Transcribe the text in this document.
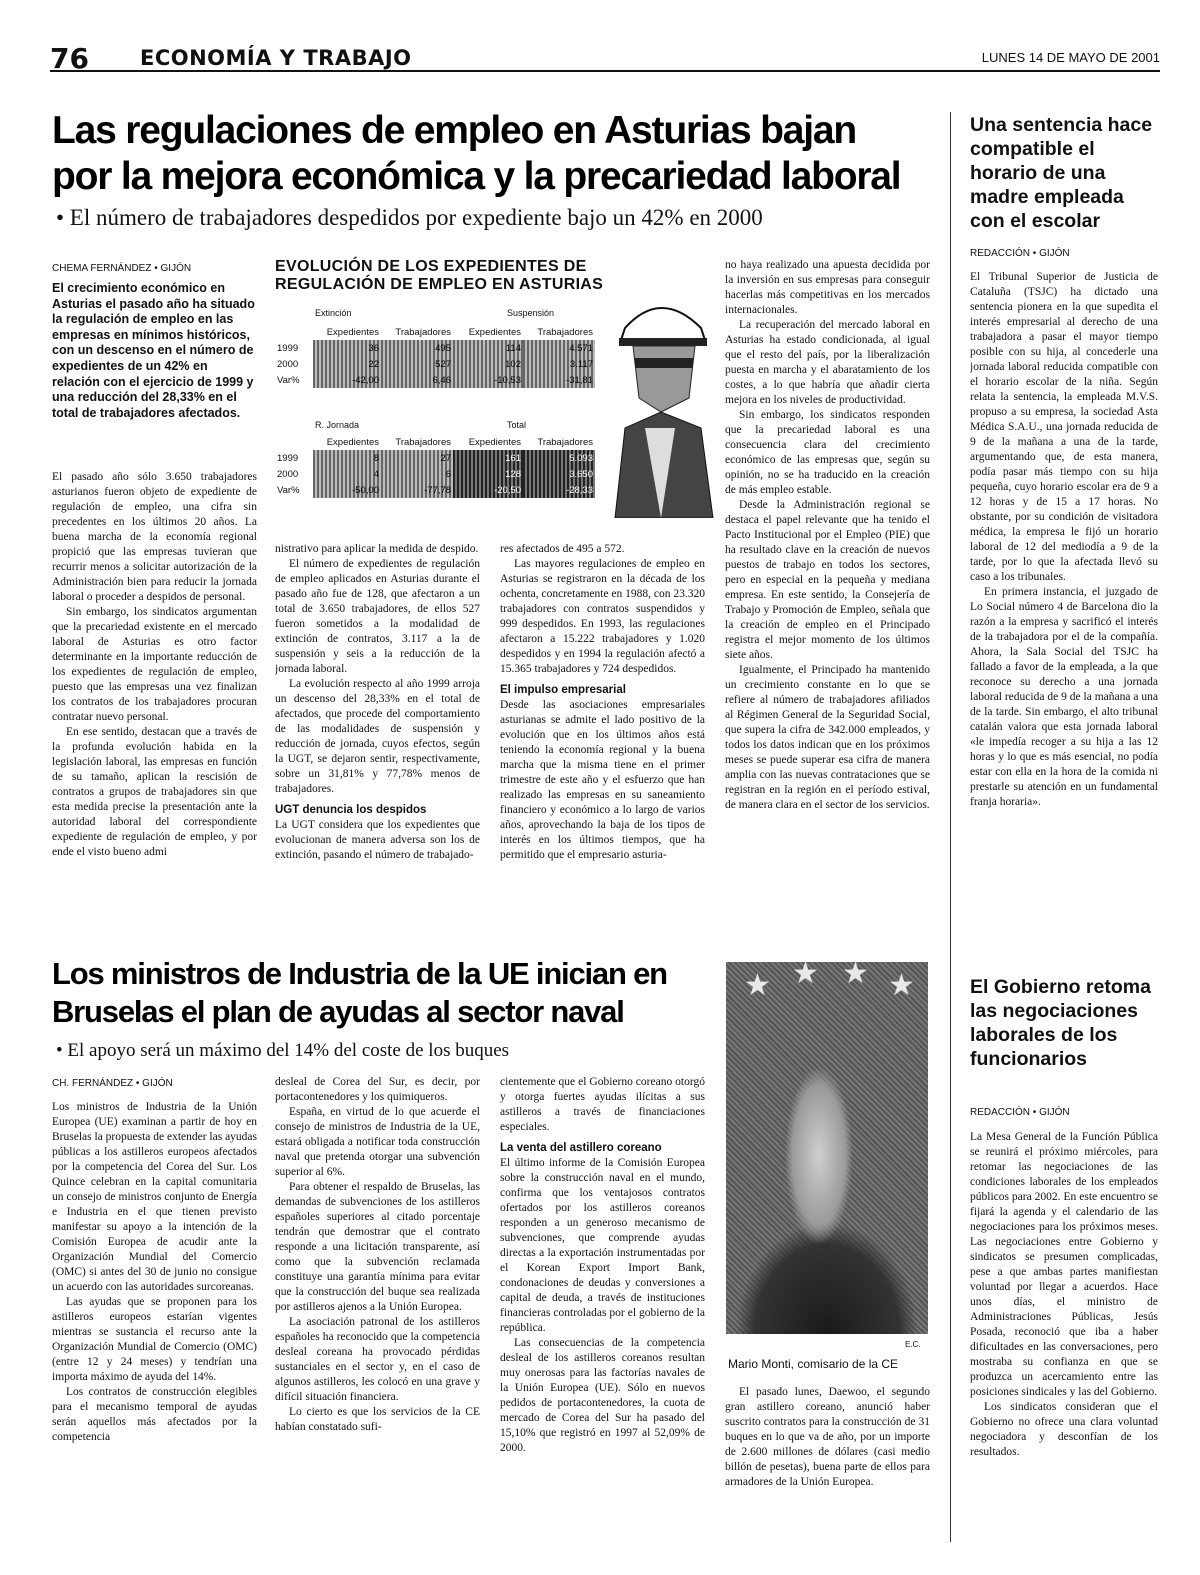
76 ECONOMÍA Y TRABAJO	LUNES 14 DE MAYO DE 2001
Las regulaciones de empleo en Asturias bajan
por la mejora económica y la precariedad laboral
• El número de trabajadores despedidos por expediente bajo un 42% en 2000
CHEMA FERNÁNDEZ • GIJÓN
El crecimiento económico en Asturias el pasado año ha situado la regulación de empleo en las empresas en mínimos históricos, con un descenso en el número de expedientes de un 42% en relación con el ejercicio de 1999 y una reducción del 28,33% en el total de trabajadores afectados.

El pasado año sólo 3.650 trabajadores asturianos fueron objeto de expediente de regulación de empleo, una cifra sin precedentes en los últimos 20 años. La buena marcha de la economía regional propició que las empresas tuvieran que recurrir menos a solicitar autorización de la Administración bien para reducir la jornada laboral o proceder a despidos de personal.

Sin embargo, los sindicatos argumentan que la precariedad existente en el mercado laboral de Asturias es otro factor determinante en la importante reducción de los expedientes de regulación de empleo, puesto que las empresas una vez finalizan los contratos de los trabajadores procuran contratar nuevo personal.

En ese sentido, destacan que a través de la profunda evolución habida en la legislación laboral, las empresas en función de su tamaño, aplican la rescisión de contratos a grupos de trabajadores sin que esta medida precise la presentación ante la autoridad laboral del correspondiente expediente de regulación de empleo, y por ende el visto bueno admi

EVOLUCIÓN DE LOS EXPEDIENTES DE
REGULACIÓN DE EMPLEO EN ASTURIAS
Extinción	Suspensión
	Expedientes	Trabajadores	Expedientes	Trabajadores
1999	36	495	114	4.571
2000	22	527	102	3.117
Var%	-42,00	6,46	-10,53	-31,81
R. Jornada	Total
	Expedientes	Trabajadores	Expedientes	Trabajadores
1999	8	27	161	5.093
2000	4	6	128	3.650
Var%	-50,00	-77,78	-20,50	-28,33

nistrativo para aplicar la medida de despido.

El número de expedientes de regulación de empleo aplicados en Asturias durante el pasado año fue de 128, que afectaron a un total de 3.650 trabajadores, de ellos 527 fueron sometidos a la modalidad de extinción de contratos, 3.117 a la de suspensión y seis a la reducción de la jornada laboral.

La evolución respecto al año 1999 arroja un descenso del 28,33% en el total de afectados, que procede del comportamiento de las modalidades de suspensión y reducción de jornada, cuyos efectos, según la UGT, se dejaron sentir, respectivamente, sobre un 31,81% y 77,78% menos de trabajadores.

UGT denuncia los despidos

La UGT considera que los expedientes que evolucionan de manera adversa son los de extinción, pasando el número de trabajado-

res afectados de 495 a 572.

Las mayores regulaciones de empleo en Asturias se registraron en la década de los ochenta, concretamente en 1988, con 23.320 trabajadores con contratos suspendidos y 999 despedidos. En 1993, las regulaciones afectaron a 15.222 trabajadores y 1.020 despedidos y en 1994 la regulación afectó a 15.365 trabajadores y 724 despedidos.

El impulso empresarial

Desde las asociaciones empresariales asturianas se admite el lado positivo de la evolución que en los últimos años está teniendo la economía regional y la buena marcha que la misma tiene en el primer trimestre de este año y el esfuerzo que han realizado las empresas en su saneamiento financiero y económico a lo largo de varios años, aprovechando la baja de los tipos de interés en los últimos tiempos, que ha permitido que el empresario asturia-

no haya realizado una apuesta decidida por la inversión en sus empresas para conseguir hacerlas más competitivas en los mercados internacionales.

La recuperación del mercado laboral en Asturias ha estado condicionada, al igual que el resto del país, por la liberalización puesta en marcha y el abaratamiento de los costes, a lo que habría que añadir cierta mejora en los niveles de productividad.

Sin embargo, los sindicatos responden que la precariedad laboral es una consecuencia clara del crecimiento económico de las empresas que, según su opinión, no se ha traducido en la creación de más empleo estable.

Desde la Administración regional se destaca el papel relevante que ha tenido el Pacto Institucional por el Empleo (PIE) que ha resultado clave en la creación de nuevos puestos de trabajo en todos los sectores, pero en especial en la pequeña y mediana empresa. En este sentido, la Consejería de Trabajo y Promoción de Empleo, señala que la creación de empleo en el Principado registra el mejor momento de los últimos siete años.

Igualmente, el Principado ha mantenido un crecimiento constante en lo que se refiere al número de trabajadores afiliados al Régimen General de la Seguridad Social, que supera la cifra de 342.000 empleados, y todos los datos indican que en los próximos meses se puede superar esa cifra de manera amplia con las nuevas contrataciones que se registran en la región en el período estival, de manera clara en el sector de los servicios.

Los ministros de Industria de la UE inician en
Bruselas el plan de ayudas al sector naval
• El apoyo será un máximo del 14% del coste de los buques
CH. FERNÁNDEZ • GIJÓN

Los ministros de Industria de la Unión Europea (UE) examinan a partir de hoy en Bruselas la propuesta de extender las ayudas públicas a los astilleros europeos afectados por la competencia del Corea del Sur. Los Quince celebran en la capital comunitaria un consejo de ministros conjunto de Energía e Industria en el que tienen previsto manifestar su apoyo a la intención de la Comisión Europea de acudir ante la Organización Mundial del Comercio (OMC) si antes del 30 de junio no consigue un acuerdo con las autoridades surcoreanas.

Las ayudas que se proponen para los astilleros europeos estarían vigentes mientras se sustancia el recurso ante la Organización Mundial de Comercio (OMC) (entre 12 y 24 meses) y tendrían una importa máximo de ayuda del 14%.

Los contratos de construcción elegibles para el mecanismo temporal de ayudas serán aquellos más afectados por la competencia

desleal de Corea del Sur, es decir, por portacontenedores y los quimiqueros.

España, en virtud de lo que acuerde el consejo de ministros de Industria de la UE, estará obligada a notificar toda construcción naval que pretenda otorgar una subvención superior al 6%.

Para obtener el respaldo de Bruselas, las demandas de subvenciones de los astilleros españoles superiores al citado porcentaje tendrán que demostrar que el contrato responde a una licitación transparente, así como que la subvención reclamada constituye una garantía mínima para evitar que la construcción del buque sea realizada por astilleros ajenos a la Unión Europea.

La asociación patronal de los astilleros españoles ha reconocido que la competencia desleal coreana ha provocado pérdidas sustanciales en el sector y, en el caso de algunos astilleros, les colocó en una grave y difícil situación financiera.

Lo cierto es que los servicios de la CE habían constatado sufi-

cientemente que el Gobierno coreano otorgó y otorga fuertes ayudas ilícitas a sus astilleros a través de financiaciones especiales.

La venta del astillero coreano

El último informe de la Comisión Europea sobre la construcción naval en el mundo, confirma que los ventajosos contratos ofertados por los astilleros coreanos responden a un generoso mecanismo de subvenciones, que comprende ayudas directas a la exportación instrumentadas por el Korean Export Import Bank, condonaciones de deudas y conversiones a capital de deuda, a través de instituciones financieras controladas por el gobierno de la república.

Las consecuencias de la competencia desleal de los astilleros coreanos resultan muy onerosas para las factorías navales de la Unión Europea (UE). Sólo en nuevos pedidos de portacontenedores, la cuota de mercado de Corea del Sur ha pasado del 15,10% que registró en 1997 al 52,09% de 2000.

★ ★ ★ ★
E.C.
Mario Monti, comisario de la CE

El pasado lunes, Daewoo, el segundo gran astillero coreano, anunció haber suscrito contratos para la construcción de 31 buques en lo que va de año, por un importe de 2.600 millones de dólares (casi medio billón de pesetas), buena parte de ellos para armadores de la Unión Europea.

Una sentencia hace compatible el horario de una madre empleada con el escolar
REDACCIÓN • GIJÓN

El Tribunal Superior de Justicia de Cataluña (TSJC) ha dictado una sentencia pionera en la que supedita el interés empresarial al derecho de una trabajadora a pasar el mayor tiempo posible con su hija, al concederle una jornada laboral reducida compatible con el horario escolar de la niña. Según relata la sentencia, la empleada M.V.S. propuso a su empresa, la sociedad Asta Médica S.A.U., una jornada reducida de 9 de la mañana a una de la tarde, argumentando que, de esta manera, podía pasar más tiempo con su hija pequeña, cuyo horario escolar era de 9 a 12 horas y de 15 a 17 horas. No obstante, por su condición de visitadora médica, la empresa le fijó un horario laboral de 12 del mediodía a 9 de la tarde, por lo que la afectada llevó su caso a los tribunales.

En primera instancia, el juzgado de Lo Social número 4 de Barcelona dio la razón a la empresa y sacrificó el interés de la trabajadora por el de la compañía. Ahora, la Sala Social del TSJC ha fallado a favor de la empleada, a la que reconoce su derecho a una jornada laboral reducida de 9 de la mañana a una de la tarde. Sin embargo, el alto tribunal catalán valora que esta jornada laboral «le impedía recoger a su hija a las 12 horas y lo que es más esencial, no podía estar con ella en la hora de la comida ni prestarle su atención en un fundamental franja horaria».

El Gobierno retoma las negociaciones laborales de los funcionarios
REDACCIÓN • GIJÓN

La Mesa General de la Función Pública se reunirá el próximo miércoles, para retomar las negociaciones de las condiciones laborales de los empleados públicos para 2002. En este encuentro se fijará la agenda y el calendario de las negociaciones para los próximos meses. Las negociaciones entre Gobierno y sindicatos se presumen complicadas, pese a que ambas partes manifiestan voluntad por llegar a acuerdos. Hace unos días, el ministro de Administraciones Públicas, Jesús Posada, reconoció que iba a haber dificultades en las conversaciones, pero mostraba su confianza en que se produzca un acercamiento entre las posiciones sindicales y las del Gobierno.

Los sindicatos consideran que el Gobierno no ofrece una clara voluntad negociadora y desconfían de los resultados.
